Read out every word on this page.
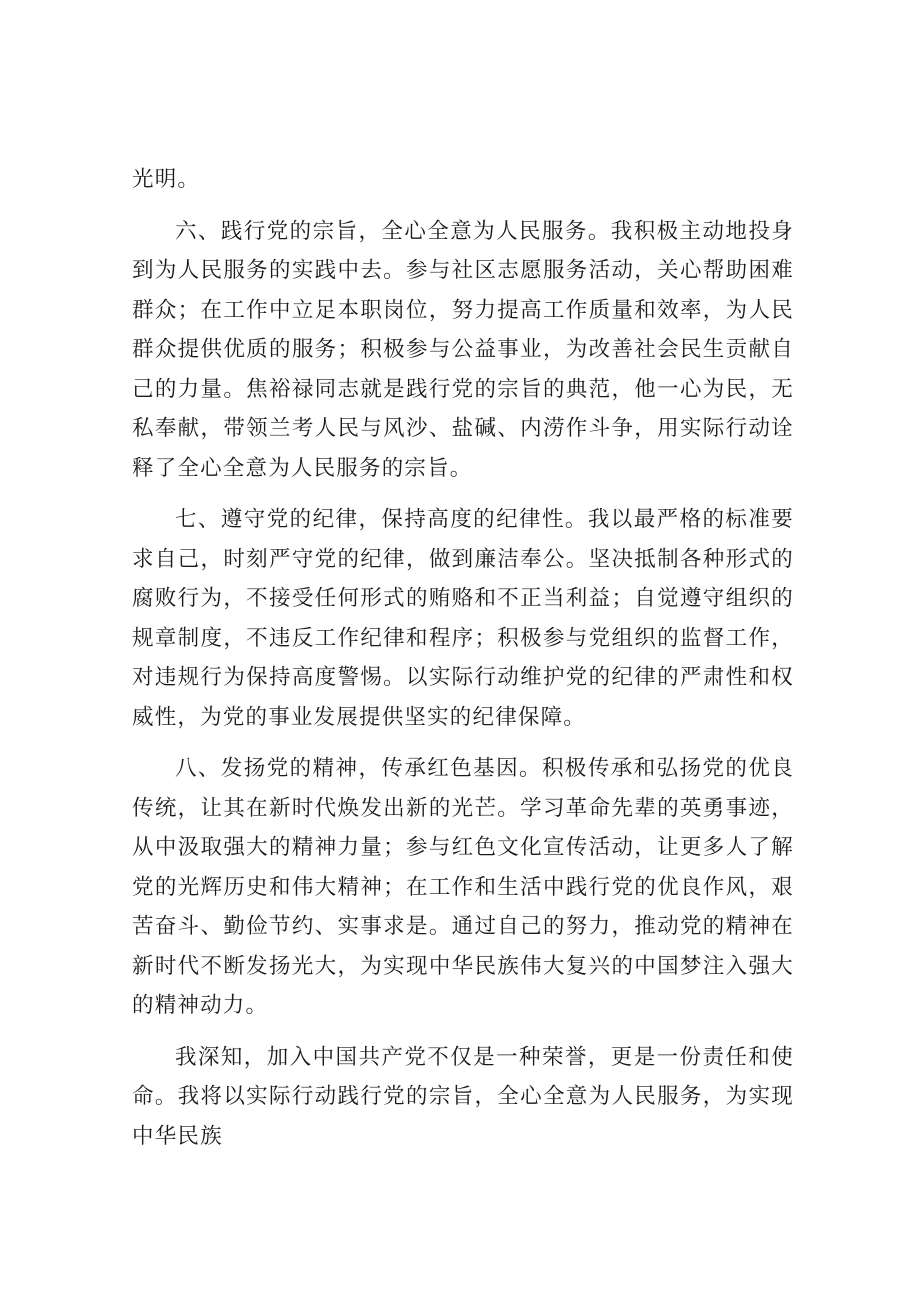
光明。

六、践行党的宗旨，全心全意为人民服务。我积极主动地投身到为人民服务的实践中去。参与社区志愿服务活动，关心帮助困难群众；在工作中立足本职岗位，努力提高工作质量和效率，为人民群众提供优质的服务；积极参与公益事业，为改善社会民生贡献自己的力量。焦裕禄同志就是践行党的宗旨的典范，他一心为民，无私奉献，带领兰考人民与风沙、盐碱、内涝作斗争，用实际行动诠释了全心全意为人民服务的宗旨。

七、遵守党的纪律，保持高度的纪律性。我以最严格的标准要求自己，时刻严守党的纪律，做到廉洁奉公。坚决抵制各种形式的腐败行为，不接受任何形式的贿赂和不正当利益；自觉遵守组织的规章制度，不违反工作纪律和程序；积极参与党组织的监督工作，对违规行为保持高度警惕。以实际行动维护党的纪律的严肃性和权威性，为党的事业发展提供坚实的纪律保障。

八、发扬党的精神，传承红色基因。积极传承和弘扬党的优良传统，让其在新时代焕发出新的光芒。学习革命先辈的英勇事迹，从中汲取强大的精神力量；参与红色文化宣传活动，让更多人了解党的光辉历史和伟大精神；在工作和生活中践行党的优良作风，艰苦奋斗、勤俭节约、实事求是。通过自己的努力，推动党的精神在新时代不断发扬光大，为实现中华民族伟大复兴的中国梦注入强大的精神动力。

我深知，加入中国共产党不仅是一种荣誉，更是一份责任和使命。我将以实际行动践行党的宗旨，全心全意为人民服务，为实现中华民族
